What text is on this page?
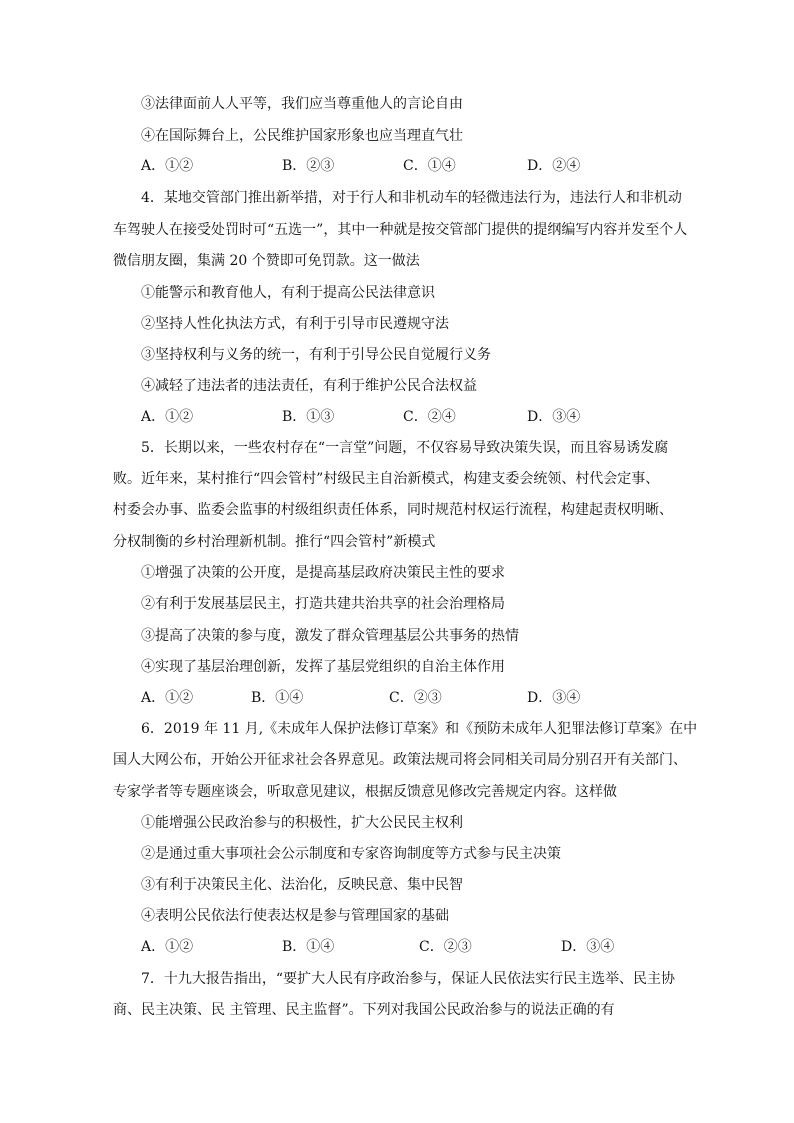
③法律面前人人平等，我们应当尊重他人的言论自由
④在国际舞台上，公民维护国家形象也应当理直气壮
A．①②	B．②③	C．①④	D．②④
4．某地交管部门推出新举措，对于行人和非机动车的轻微违法行为，违法行人和非机动
车驾驶人在接受处罚时可“五选一”，其中一种就是按交管部门提供的提纲编写内容并发至个人
微信朋友圈，集满 20 个赞即可免罚款。这一做法
①能警示和教育他人，有利于提高公民法律意识
②坚持人性化执法方式，有利于引导市民遵规守法
③坚持权利与义务的统一，有利于引导公民自觉履行义务
④减轻了违法者的违法责任，有利于维护公民合法权益
A．①②	B．①③	C．②④	D．③④
5．长期以来，一些农村存在“一言堂”问题，不仅容易导致决策失误，而且容易诱发腐
败。近年来，某村推行“四会管村”村级民主自治新模式，构建支委会统领、村代会定事、
村委会办事、监委会监事的村级组织责任体系，同时规范村权运行流程，构建起责权明晰、
分权制衡的乡村治理新机制。推行“四会管村”新模式
①增强了决策的公开度，是提高基层政府决策民主性的要求
②有利于发展基层民主，打造共建共治共享的社会治理格局
③提高了决策的参与度，激发了群众管理基层公共事务的热情
④实现了基层治理创新，发挥了基层党组织的自治主体作用
A．①②	B．①④	C．②③	D．③④
6．2019 年 11 月,《未成年人保护法修订草案》和《预防未成年人犯罪法修订草案》在中
国人大网公布，开始公开征求社会各界意见。政策法规司将会同相关司局分别召开有关部门、
专家学者等专题座谈会，听取意见建议，根据反馈意见修改完善规定内容。这样做
①能增强公民政治参与的积极性，扩大公民民主权利
②是通过重大事项社会公示制度和专家咨询制度等方式参与民主决策
③有利于决策民主化、法治化，反映民意、集中民智
④表明公民依法行使表达权是参与管理国家的基础
A．①②	B．①④	C．②③	D．③④
7．十九大报告指出，“要扩大人民有序政治参与，保证人民依法实行民主选举、民主协
商、民主决策、民 主管理、民主监督”。下列对我国公民政治参与的说法正确的有
